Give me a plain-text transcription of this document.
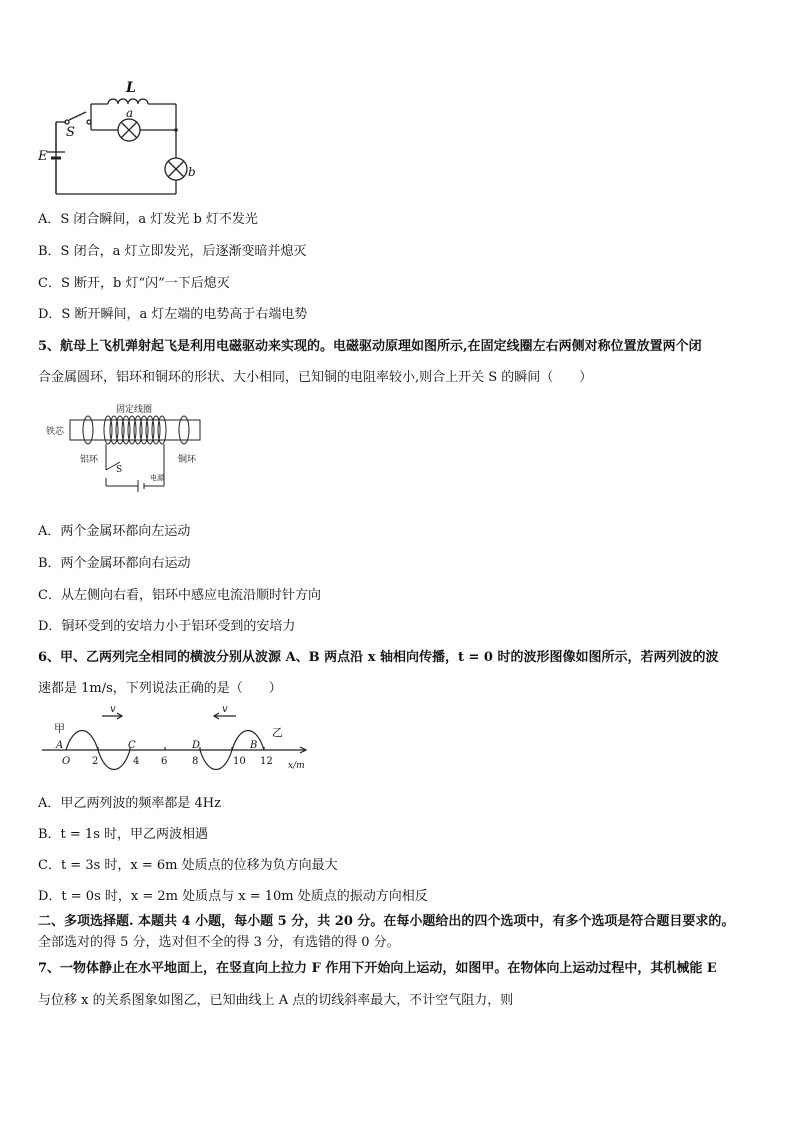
L
S
E
a
b
A．S 闭合瞬间，a 灯发光 b 灯不发光
B．S 闭合，a 灯立即发光，后逐渐变暗并熄灭
C．S 断开，b 灯“闪”一下后熄灭
D．S 断开瞬间，a 灯左端的电势高于右端电势
5、航母上飞机弹射起飞是利用电磁驱动来实现的。电磁驱动原理如图所示,在固定线圈左右两侧对称位置放置两个闭
合金属圆环，铝环和铜环的形状、大小相同，已知铜的电阻率较小,则合上开关 S 的瞬间（　　）
固定线圈
铁芯
铝环	铜环
S
电源
A．两个金属环都向左运动
B．两个金属环都向右运动
C．从左侧向右看，铝环中感应电流沿顺时针方向
D．铜环受到的安培力小于铝环受到的安培力
6、甲、乙两列完全相同的横波分别从波源 A、B 两点沿 x 轴相向传播，t = 0 时的波形图像如图所示，若两列波的波
速都是 1m/s，下列说法正确的是（　　）
甲	乙
v	v
A	C	D	B
O 2	4 6 8	10 12 x/m
A．甲乙两列波的频率都是 4Hz
B．t = 1s 时，甲乙两波相遇
C．t = 3s 时，x = 6m 处质点的位移为负方向最大
D．t = 0s 时，x = 2m 处质点与 x = 10m 处质点的振动方向相反
二、多项选择题. 本题共 4 小题，每小题 5 分，共 20 分。在每小题给出的四个选项中，有多个选项是符合题目要求的。
全部选对的得 5 分，选对但不全的得 3 分，有选错的得 0 分。
7、一物体静止在水平地面上，在竖直向上拉力 F 作用下开始向上运动，如图甲。在物体向上运动过程中，其机械能 E
与位移 x 的关系图象如图乙，已知曲线上 A 点的切线斜率最大，不计空气阻力，则
